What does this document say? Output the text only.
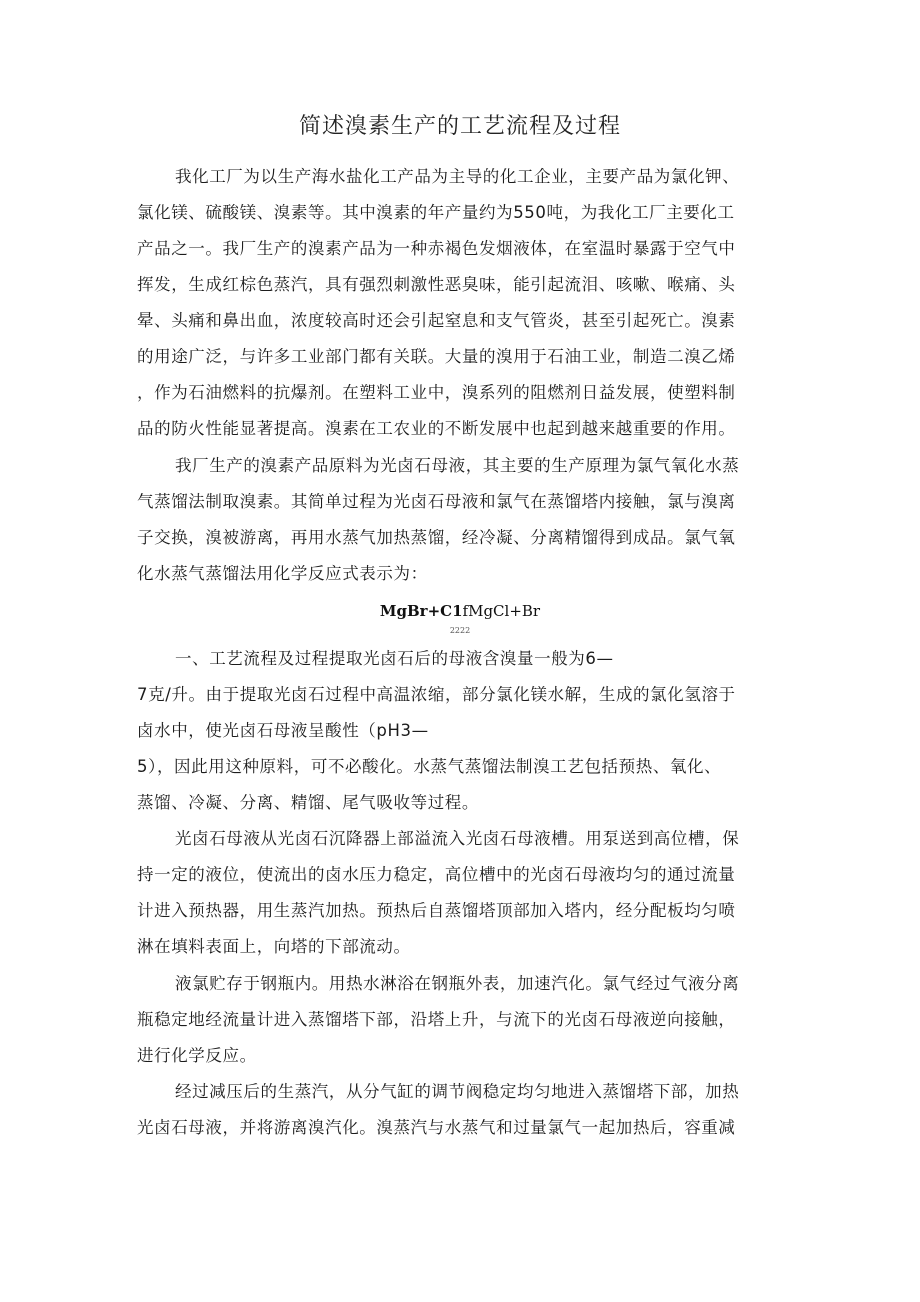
简述溴素生产的工艺流程及过程
我化工厂为以生产海水盐化工产品为主导的化工企业，主要产品为氯化钾、
氯化镁、硫酸镁、溴素等。其中溴素的年产量约为550吨，为我化工厂主要化工
产品之一。我厂生产的溴素产品为一种赤褐色发烟液体，在室温时暴露于空气中
挥发，生成红棕色蒸汽，具有强烈刺激性恶臭味，能引起流泪、咳嗽、喉痛、头
晕、头痛和鼻出血，浓度较高时还会引起窒息和支气管炎，甚至引起死亡。溴素
的用途广泛，与许多工业部门都有关联。大量的溴用于石油工业，制造二溴乙烯
，作为石油燃料的抗爆剂。在塑料工业中，溴系列的阻燃剂日益发展，使塑料制
品的防火性能显著提高。溴素在工农业的不断发展中也起到越来越重要的作用。
我厂生产的溴素产品原料为光卤石母液，其主要的生产原理为氯气氧化水蒸
气蒸馏法制取溴素。其简单过程为光卤石母液和氯气在蒸馏塔内接触，氯与溴离
子交换，溴被游离，再用水蒸气加热蒸馏，经冷凝、分离精馏得到成品。氯气氧
化水蒸气蒸馏法用化学反应式表示为：
MgBr+C1fMgCl+Br
2222
一、工艺流程及过程提取光卤石后的母液含溴量一般为6—
7克/升。由于提取光卤石过程中高温浓缩，部分氯化镁水解，生成的氯化氢溶于
卤水中，使光卤石母液呈酸性（pH3—
5），因此用这种原料，可不必酸化。水蒸气蒸馏法制溴工艺包括预热、氧化、
蒸馏、冷凝、分离、精馏、尾气吸收等过程。
光卤石母液从光卤石沉降器上部溢流入光卤石母液槽。用泵送到高位槽，保
持一定的液位，使流出的卤水压力稳定，高位槽中的光卤石母液均匀的通过流量
计进入预热器，用生蒸汽加热。预热后自蒸馏塔顶部加入塔内，经分配板均匀喷
淋在填料表面上，向塔的下部流动。
液氯贮存于钢瓶内。用热水淋浴在钢瓶外表，加速汽化。氯气经过气液分离
瓶稳定地经流量计进入蒸馏塔下部，沿塔上升，与流下的光卤石母液逆向接触，
进行化学反应。
经过减压后的生蒸汽，从分气缸的调节阀稳定均匀地进入蒸馏塔下部，加热
光卤石母液，并将游离溴汽化。溴蒸汽与水蒸气和过量氯气一起加热后，容重减
